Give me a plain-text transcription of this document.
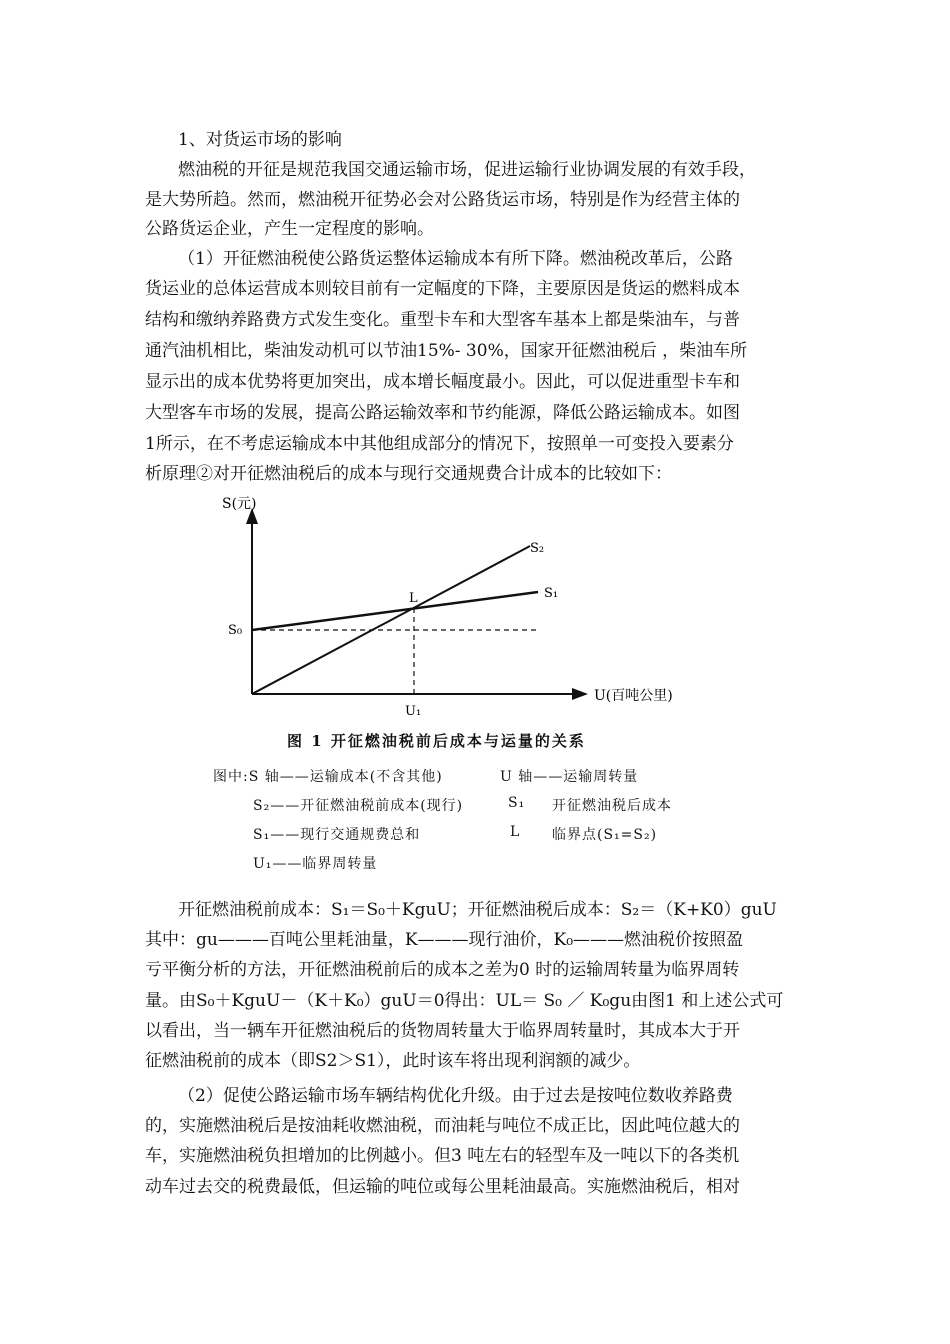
1、对货运市场的影响
燃油税的开征是规范我国交通运输市场，促进运输行业协调发展的有效手段，
是大势所趋。然而，燃油税开征势必会对公路货运市场，特别是作为经营主体的
公路货运企业，产生一定程度的影响。
（1）开征燃油税使公路货运整体运输成本有所下降。燃油税改革后，公路
货运业的总体运营成本则较目前有一定幅度的下降，主要原因是货运的燃料成本
结构和缴纳养路费方式发生变化。重型卡车和大型客车基本上都是柴油车，与普
通汽油机相比，柴油发动机可以节油15%- 30%，国家开征燃油税后 ，柴油车所
显示出的成本优势将更加突出，成本增长幅度最小。因此，可以促进重型卡车和
大型客车市场的发展，提高公路运输效率和节约能源，降低公路运输成本。如图
1所示，在不考虑运输成本中其他组成部分的情况下，按照单一可变投入要素分
析原理②对开征燃油税后的成本与现行交通规费合计成本的比较如下：
S(元)
U(百吨公里)
S₂
S₁
L
S₀
U₁
图 1 开征燃油税前后成本与运量的关系
图中:S 轴——运输成本(不含其他)	U 轴——运输周转量
S₂——开征燃油税前成本(现行)	S₁ 开征燃油税后成本
S₁——现行交通规费总和	L 临界点(S₁=S₂)
U₁——临界周转量
开征燃油税前成本：S₁＝S₀＋KguU；开征燃油税后成本：S₂＝（K+K0）guU
其中：gu———百吨公里耗油量，K———现行油价，K₀———燃油税价按照盈
亏平衡分析的方法，开征燃油税前后的成本之差为0 时的运输周转量为临界周转
量。由S₀＋KguU－（K＋K₀）guU＝0得出：UL＝ S₀ ／ K₀gu由图1 和上述公式可
以看出，当一辆车开征燃油税后的货物周转量大于临界周转量时，其成本大于开
征燃油税前的成本（即S2＞S1），此时该车将出现利润额的减少。
（2）促使公路运输市场车辆结构优化升级。由于过去是按吨位数收养路费
的，实施燃油税后是按油耗收燃油税，而油耗与吨位不成正比，因此吨位越大的
车，实施燃油税负担增加的比例越小。但3 吨左右的轻型车及一吨以下的各类机
动车过去交的税费最低，但运输的吨位或每公里耗油最高。实施燃油税后，相对
